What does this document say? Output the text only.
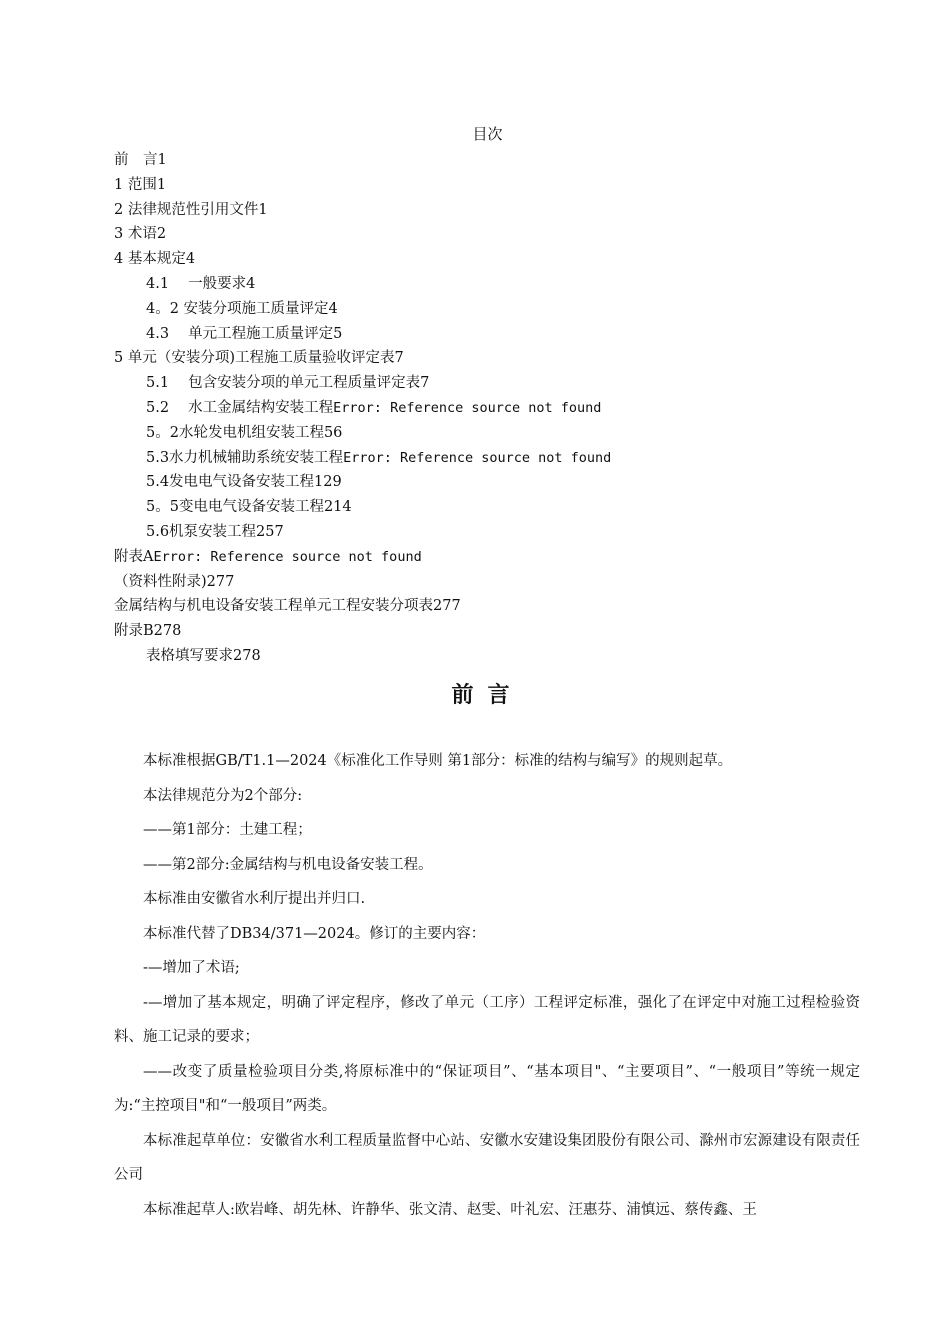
目次
前　言1
1 范围1
2 法律规范性引用文件1
3 术语2
4 基本规定4
4.1　 一般要求4
4。2 安装分项施工质量评定4
4.3　 单元工程施工质量评定5
5 单元（安装分项)工程施工质量验收评定表7
5.1　 包含安装分项的单元工程质量评定表7
5.2　 水工金属结构安装工程Error: Reference source not found
5。2水轮发电机组安装工程56
5.3水力机械辅助系统安装工程Error: Reference source not found
5.4发电电气设备安装工程129
5。5变电电气设备安装工程214
5.6机泵安装工程257
附表AError: Reference source not found
（资料性附录)277
金属结构与机电设备安装工程单元工程安装分项表277
附录B278
表格填写要求278
前言

本标准根据GB/T1.1—2024《标准化工作导则 第1部分：标准的结构与编写》的规则起草。

本法律规范分为2个部分:

——第1部分：土建工程；

——第2部分:金属结构与机电设备安装工程。

本标准由安徽省水利厅提出并归口.

本标准代替了DB34/371—2024。修订的主要内容：

-—增加了术语;

-—增加了基本规定，明确了评定程序，修改了单元（工序）工程评定标准，强化了在评定中对施工过程检验资料、施工记录的要求；

——改变了质量检验项目分类,将原标准中的“保证项目”、“基本项目"、“主要项目”、“一般项目”等统一规定为:“主控项目"和“一般项目”两类。

本标准起草单位：安徽省水利工程质量监督中心站、安徽水安建设集团股份有限公司、滁州市宏源建设有限责任公司

本标准起草人:欧岩峰、胡先林、许静华、张文清、赵雯、叶礼宏、汪惠芬、浦慎远、蔡传鑫、王
